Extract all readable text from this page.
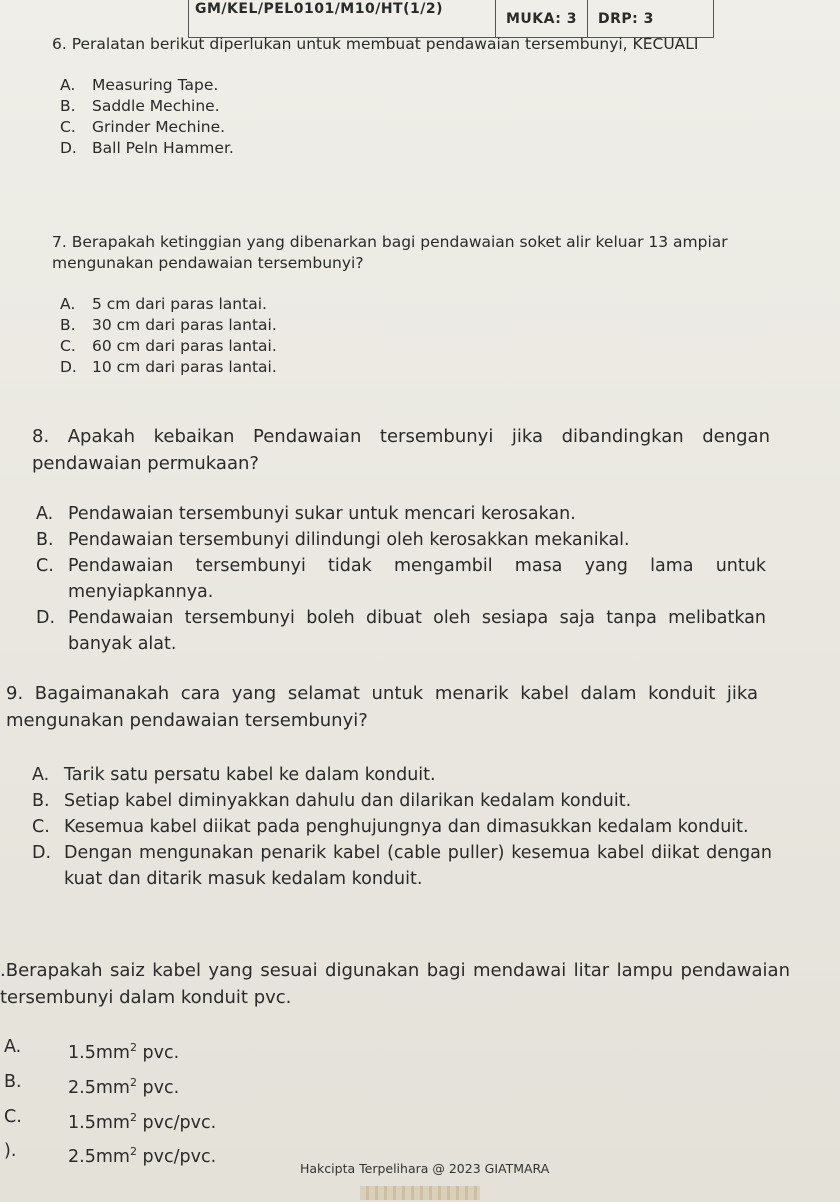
GM/KEL/PEL0101/M10/HT(1/2)
MUKA: 3	DRP: 3

6. Peralatan berikut diperlukan untuk membuat pendawaian tersembunyi, KECUALI

A.	Measuring Tape.
B.	Saddle Mechine.
C.	Grinder Mechine.
D. Ball Peln Hammer.

7. Berapakah ketinggian yang dibenarkan bagi pendawaian soket alir keluar 13 ampiar mengunakan pendawaian tersembunyi?

A.	5 cm dari paras lantai.
B.	30 cm dari paras lantai.
C.	60 cm dari paras lantai.
D. 10 cm dari paras lantai.

8. Apakah kebaikan Pendawaian tersembunyi jika dibandingkan dengan pendawaian permukaan?

A. Pendawaian tersembunyi sukar untuk mencari kerosakan.
B. Pendawaian tersembunyi dilindungi oleh kerosakkan mekanikal.
C. Pendawaian tersembunyi tidak mengambil masa yang lama untuk menyiapkannya.
D. Pendawaian tersembunyi boleh dibuat oleh sesiapa saja tanpa melibatkan banyak alat.

9. Bagaimanakah cara yang selamat untuk menarik kabel dalam konduit jika mengunakan pendawaian tersembunyi?

A. Tarik satu persatu kabel ke dalam konduit.
B. Setiap kabel diminyakkan dahulu dan dilarikan kedalam konduit.
C. Kesemua kabel diikat pada penghujungnya dan dimasukkan kedalam konduit.
D. Dengan mengunakan penarik kabel (cable puller) kesemua kabel diikat dengan kuat dan ditarik masuk kedalam konduit.

.Berapakah saiz kabel yang sesuai digunakan bagi mendawai litar lampu pendawaian tersembunyi dalam konduit pvc.

A.	$1.5mm^2$ pvc.
B.	$2.5mm^2$ pvc.
C.	$1.5mm^2$ pvc/pvc.
).	$2.5mm^2$ pvc/pvc.
Hakcipta Terpelihara @ 2023 GIATMARA
